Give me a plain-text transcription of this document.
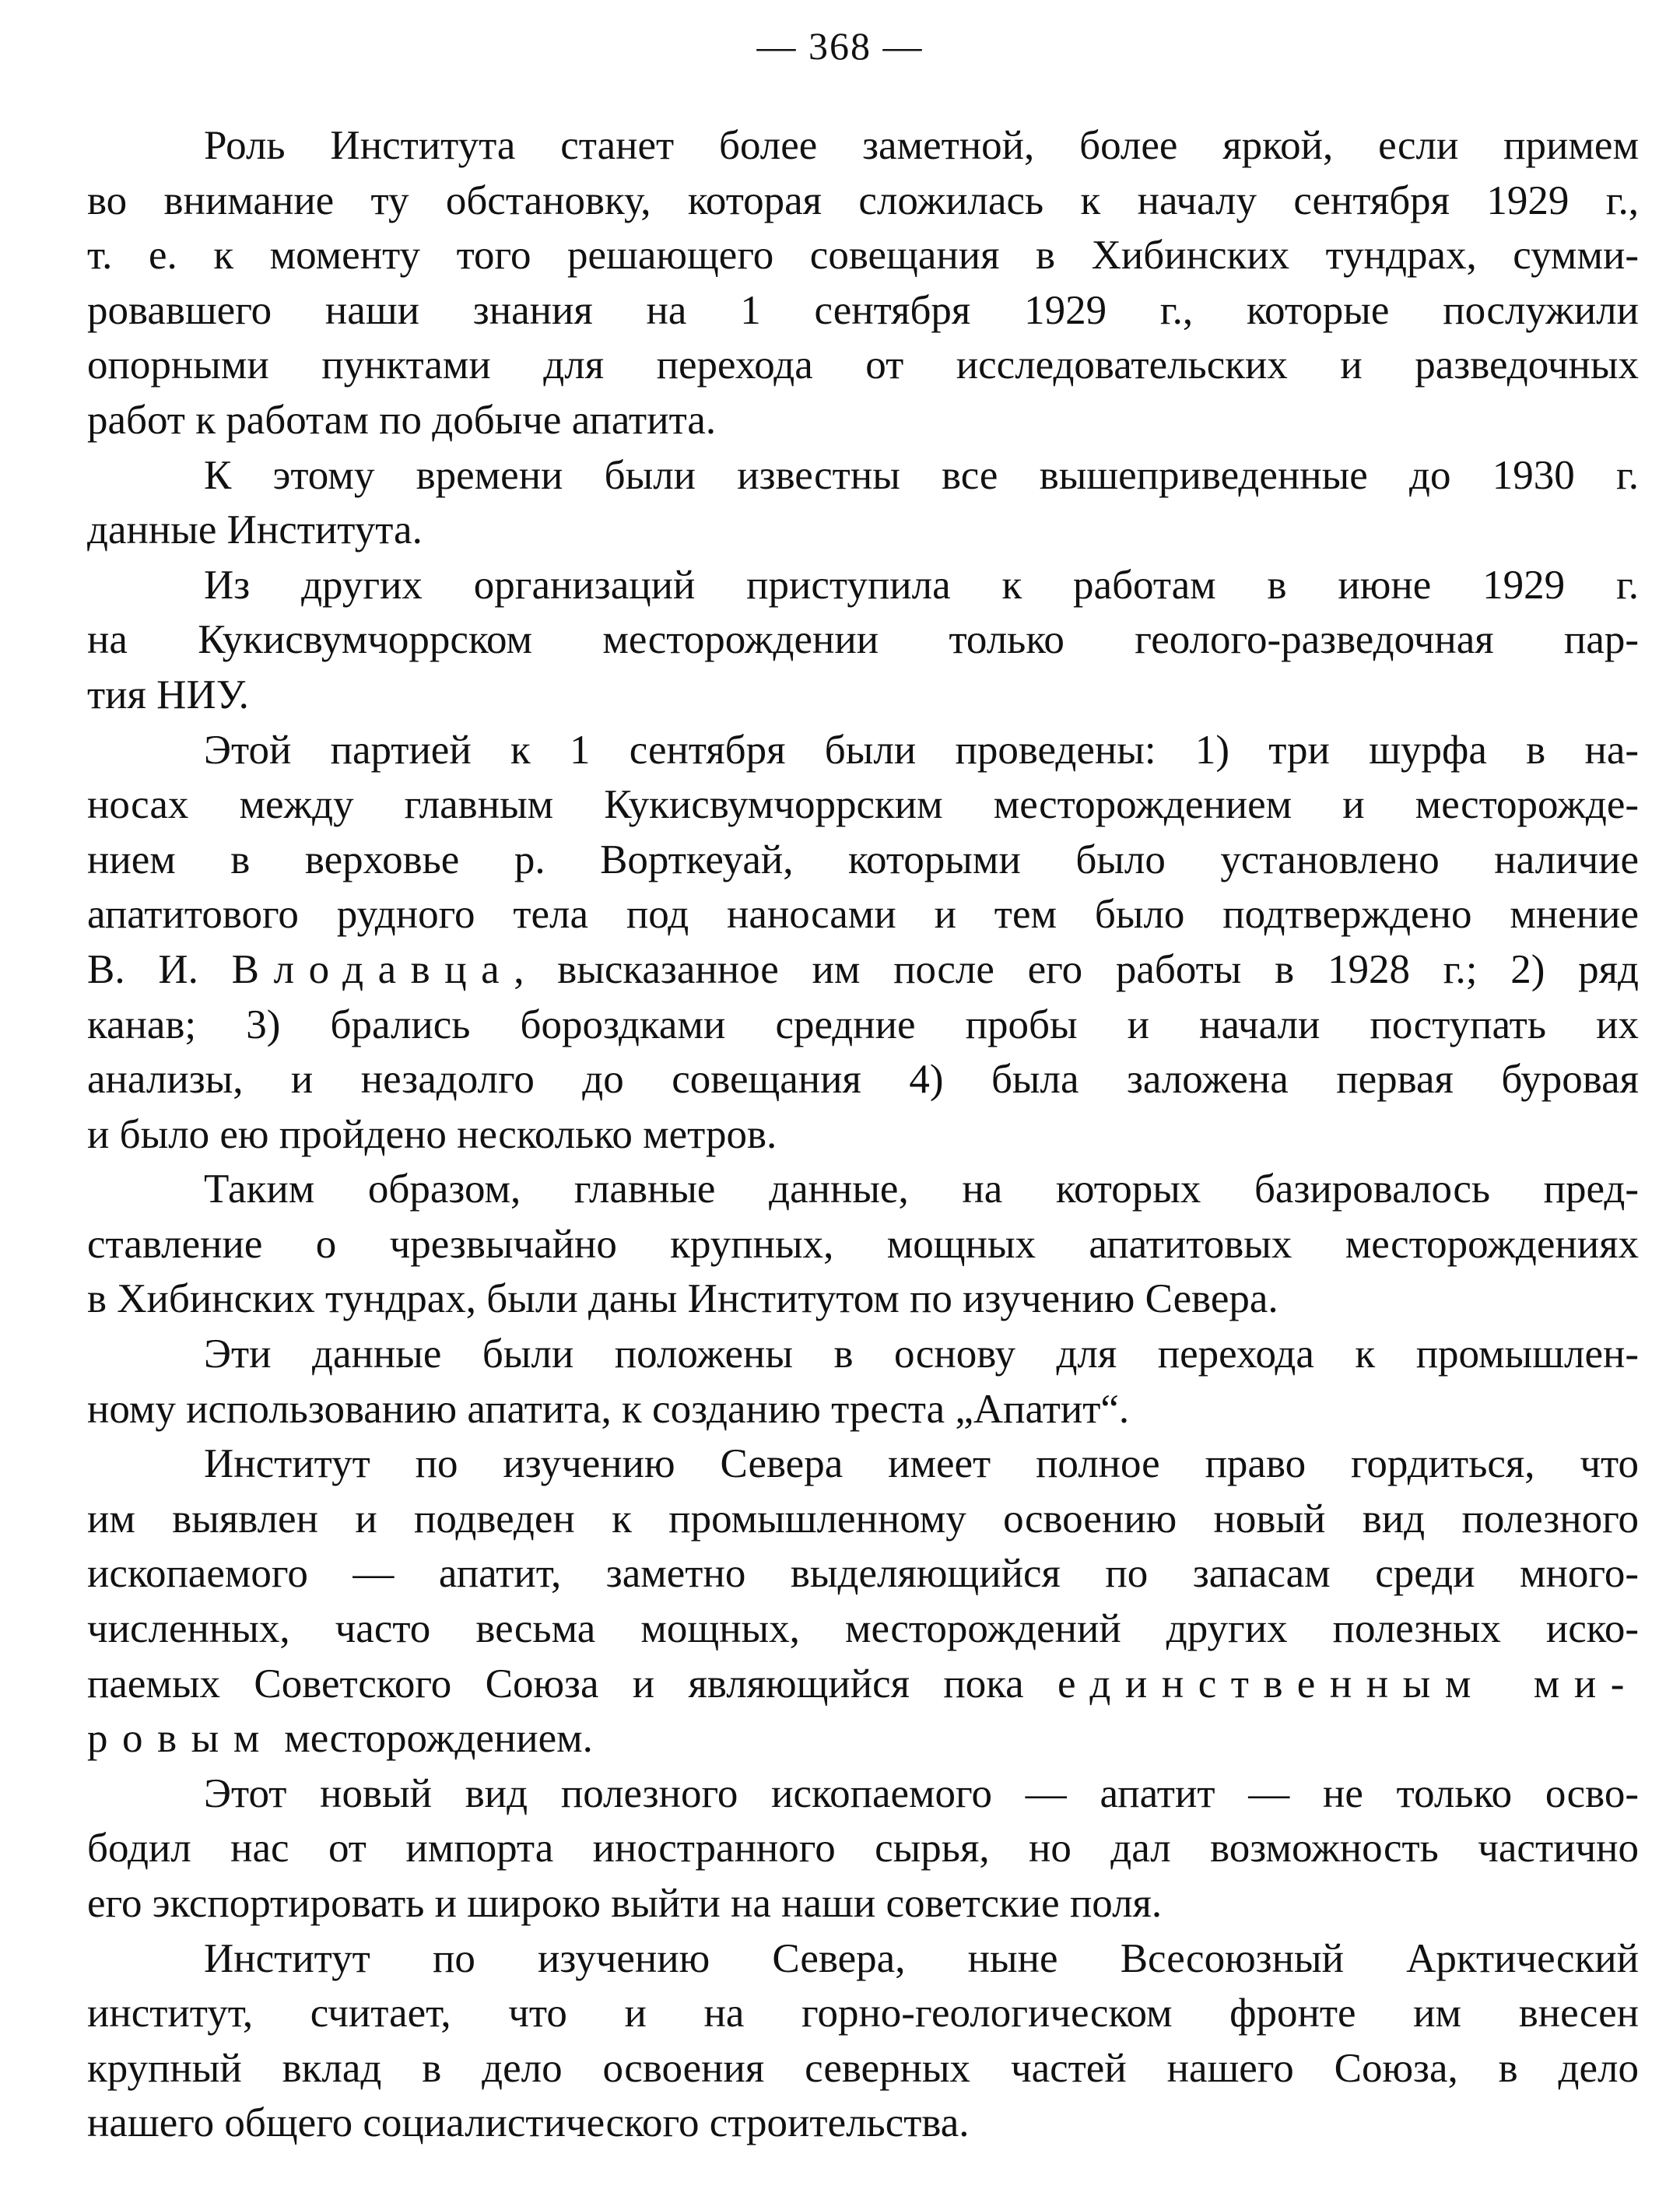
— 368 —
Роль Института станет более заметной, более яркой, если примем
во внимание ту обстановку, которая сложилась к началу сентября 1929 г.,
т. е. к моменту того решающего совещания в Хибинских тундрах, сумми-
ровавшего наши знания на 1 сентября 1929 г., которые послужили
опорными пунктами для перехода от исследовательских и разведочных
работ к работам по добыче апатита.
К этому времени были известны все вышеприведенные до 1930 г.
данные Института.
Из других организаций приступила к работам в июне 1929 г.
на Кукисвумчоррском месторождении только геолого-разведочная пар-
тия НИУ.
Этой партией к 1 сентября были проведены: 1) три шурфа в на-
носах между главным Кукисвумчоррским месторождением и месторожде-
нием в верховье р. Ворткеуай, которыми было установлено наличие
апатитового рудного тела под наносами и тем было подтверждено мнение
В. И. Влодавца, высказанное им после его работы в 1928 г.; 2) ряд
канав; 3) брались бороздками средние пробы и начали поступать их
анализы, и незадолго до совещания 4) была заложена первая буровая
и было ею пройдено несколько метров.
Таким образом, главные данные, на которых базировалось пред-
ставление о чрезвычайно крупных, мощных апатитовых месторождениях
в Хибинских тундрах, были даны Институтом по изучению Севера.
Эти данные были положены в основу для перехода к промышлен-
ному использованию апатита, к созданию треста „Апатит“.
Институт по изучению Севера имеет полное право гордиться, что
им выявлен и подведен к промышленному освоению новый вид полезного
ископаемого — апатит, заметно выделяющийся по запасам среди много-
численных, часто весьма мощных, месторождений других полезных иско-
паемых Советского Союза и являющийся пока единственным ми-
ровым месторождением.
Этот новый вид полезного ископаемого — апатит — не только осво-
бодил нас от импорта иностранного сырья, но дал возможность частично
его экспортировать и широко выйти на наши советские поля.
Институт по изучению Севера, ныне Всесоюзный Арктический
институт, считает, что и на горно-геологическом фронте им внесен
крупный вклад в дело освоения северных частей нашего Союза, в дело
нашего общего социалистического строительства.
